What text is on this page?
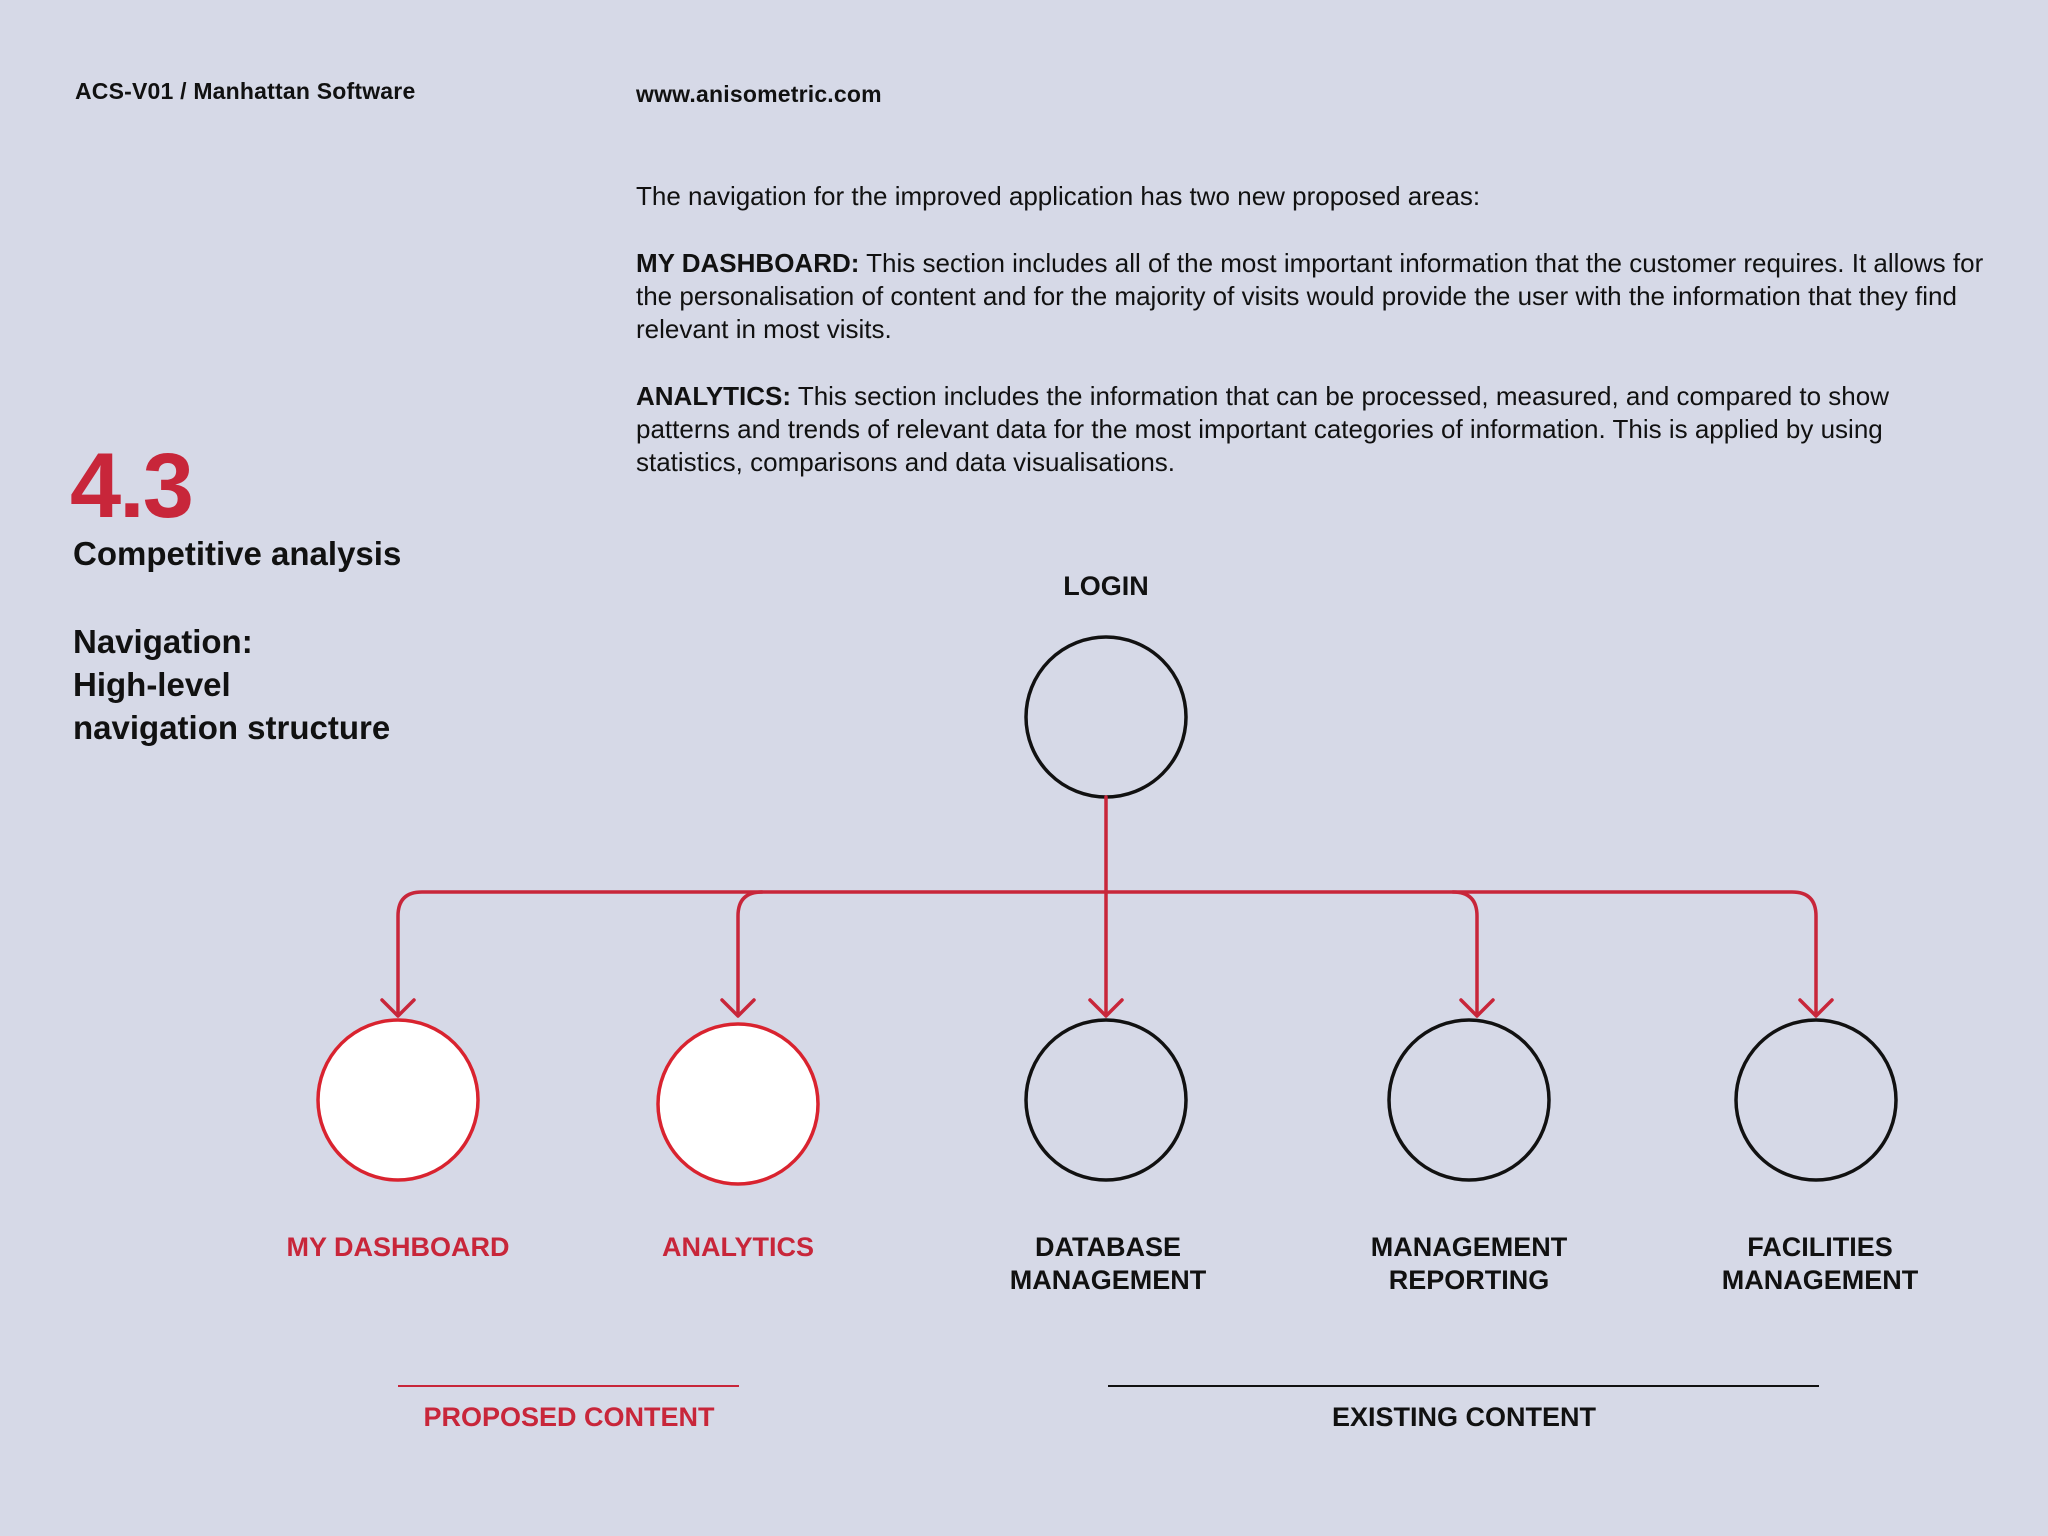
ACS-V01 / Manhattan Software	www.anisometric.com
4.3
Competitive analysis
Navigation:
High-level
navigation structure

The navigation for the improved application has two new proposed areas:

MY DASHBOARD: This section includes all of the most important information that the customer requires. It allows for the personalisation of content and for the majority of visits would provide the user with the information that they find relevant in most visits.

ANALYTICS: This section includes the information that can be processed, measured, and compared to show patterns and trends of relevant data for the most important categories of information. This is applied by using statistics, comparisons and data visualisations.

LOGIN
MY DASHBOARD	ANALYTICS	DATABASE
MANAGEMENT
MANAGEMENT
REPORTING
FACILITIES
MANAGEMENT
PROPOSED CONTENT	EXISTING CONTENT
